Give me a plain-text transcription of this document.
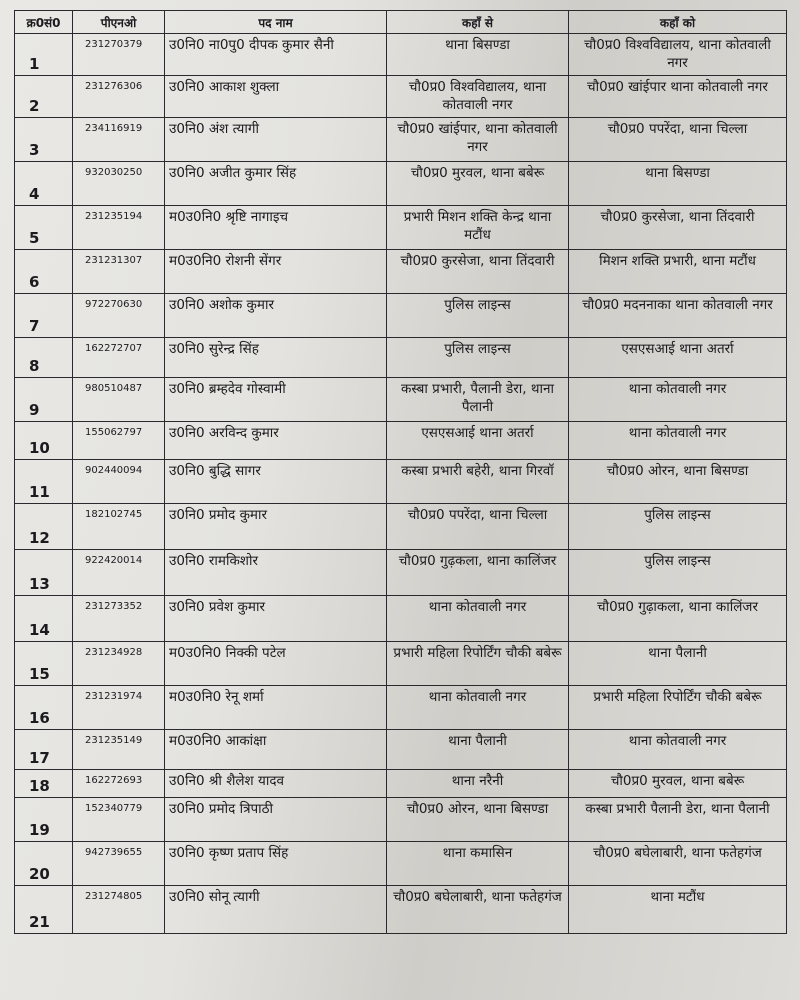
क्र0सं0	पीएनओ	पद नाम	कहाँ से	कहाँ को
1	231270379	उ0नि0 ना0पु0 दीपक कुमार सैनी	थाना बिसण्डा	चौ0प्र0 विश्वविद्यालय, थाना कोतवाली नगर
2	231276306	उ0नि0 आकाश शुक्ला	चौ0प्र0 विश्वविद्यालय, थाना कोतवाली नगर	चौ0प्र0 खांईपार थाना कोतवाली नगर
3	234116919	उ0नि0 अंश त्यागी	चौ0प्र0 खांईपार, थाना कोतवाली नगर	चौ0प्र0 पपरेंदा, थाना चिल्ला
4	932030250	उ0नि0 अजीत कुमार सिंह	चौ0प्र0 मुरवल, थाना बबेरू	थाना बिसण्डा
5	231235194	म0उ0नि0 श्रृष्टि नागाइच	प्रभारी मिशन शक्ति केन्द्र थाना मटौंध	चौ0प्र0 कुरसेजा, थाना तिंदवारी
6	231231307	म0उ0नि0 रोशनी सेंगर	चौ0प्र0 कुरसेजा, थाना तिंदवारी	मिशन शक्ति प्रभारी, थाना मटौंध
7	972270630	उ0नि0 अशोक कुमार	पुलिस लाइन्स	चौ0प्र0 मदननाका थाना कोतवाली नगर
8	162272707	उ0नि0 सुरेन्द्र सिंह	पुलिस लाइन्स	एसएसआई थाना अतर्रा
9	980510487	उ0नि0 ब्रम्हदेव गोस्वामी	कस्बा प्रभारी, पैलानी डेरा, थाना पैलानी	थाना कोतवाली नगर
10	155062797	उ0नि0 अरविन्द कुमार	एसएसआई थाना अतर्रा	थाना कोतवाली नगर
11	902440094	उ0नि0 बुद्धि सागर	कस्बा प्रभारी बहेरी, थाना गिरवॉ	चौ0प्र0 ओरन, थाना बिसण्डा
12	182102745	उ0नि0 प्रमोद कुमार	चौ0प्र0 पपरेंदा, थाना चिल्ला	पुलिस लाइन्स
13	922420014	उ0नि0 रामकिशोर	चौ0प्र0 गुढ़कला, थाना कालिंजर	पुलिस लाइन्स
14	231273352	उ0नि0 प्रवेश कुमार	थाना कोतवाली नगर	चौ0प्र0 गुढ़ाकला, थाना कालिंजर
15	231234928	म0उ0नि0 निक्की पटेल	प्रभारी महिला रिपोर्टिंग चौकी बबेरू	थाना पैलानी
16	231231974	म0उ0नि0 रेनू शर्मा	थाना कोतवाली नगर	प्रभारी महिला रिपोर्टिंग चौकी बबेरू
17	231235149	म0उ0नि0 आकांक्षा	थाना पैलानी	थाना कोतवाली नगर
18	162272693	उ0नि0 श्री शैलेश यादव	थाना नरैनी	चौ0प्र0 मुरवल, थाना बबेरू
19	152340779	उ0नि0 प्रमोद त्रिपाठी	चौ0प्र0 ओरन, थाना बिसण्डा	कस्बा प्रभारी पैलानी डेरा, थाना पैलानी
20	942739655	उ0नि0 कृष्ण प्रताप सिंह	थाना कमासिन	चौ0प्र0 बघेलाबारी, थाना फतेहगंज
21	231274805	उ0नि0 सोनू त्यागी	चौ0प्र0 बघेलाबारी, थाना फतेहगंज	थाना मटौंध
